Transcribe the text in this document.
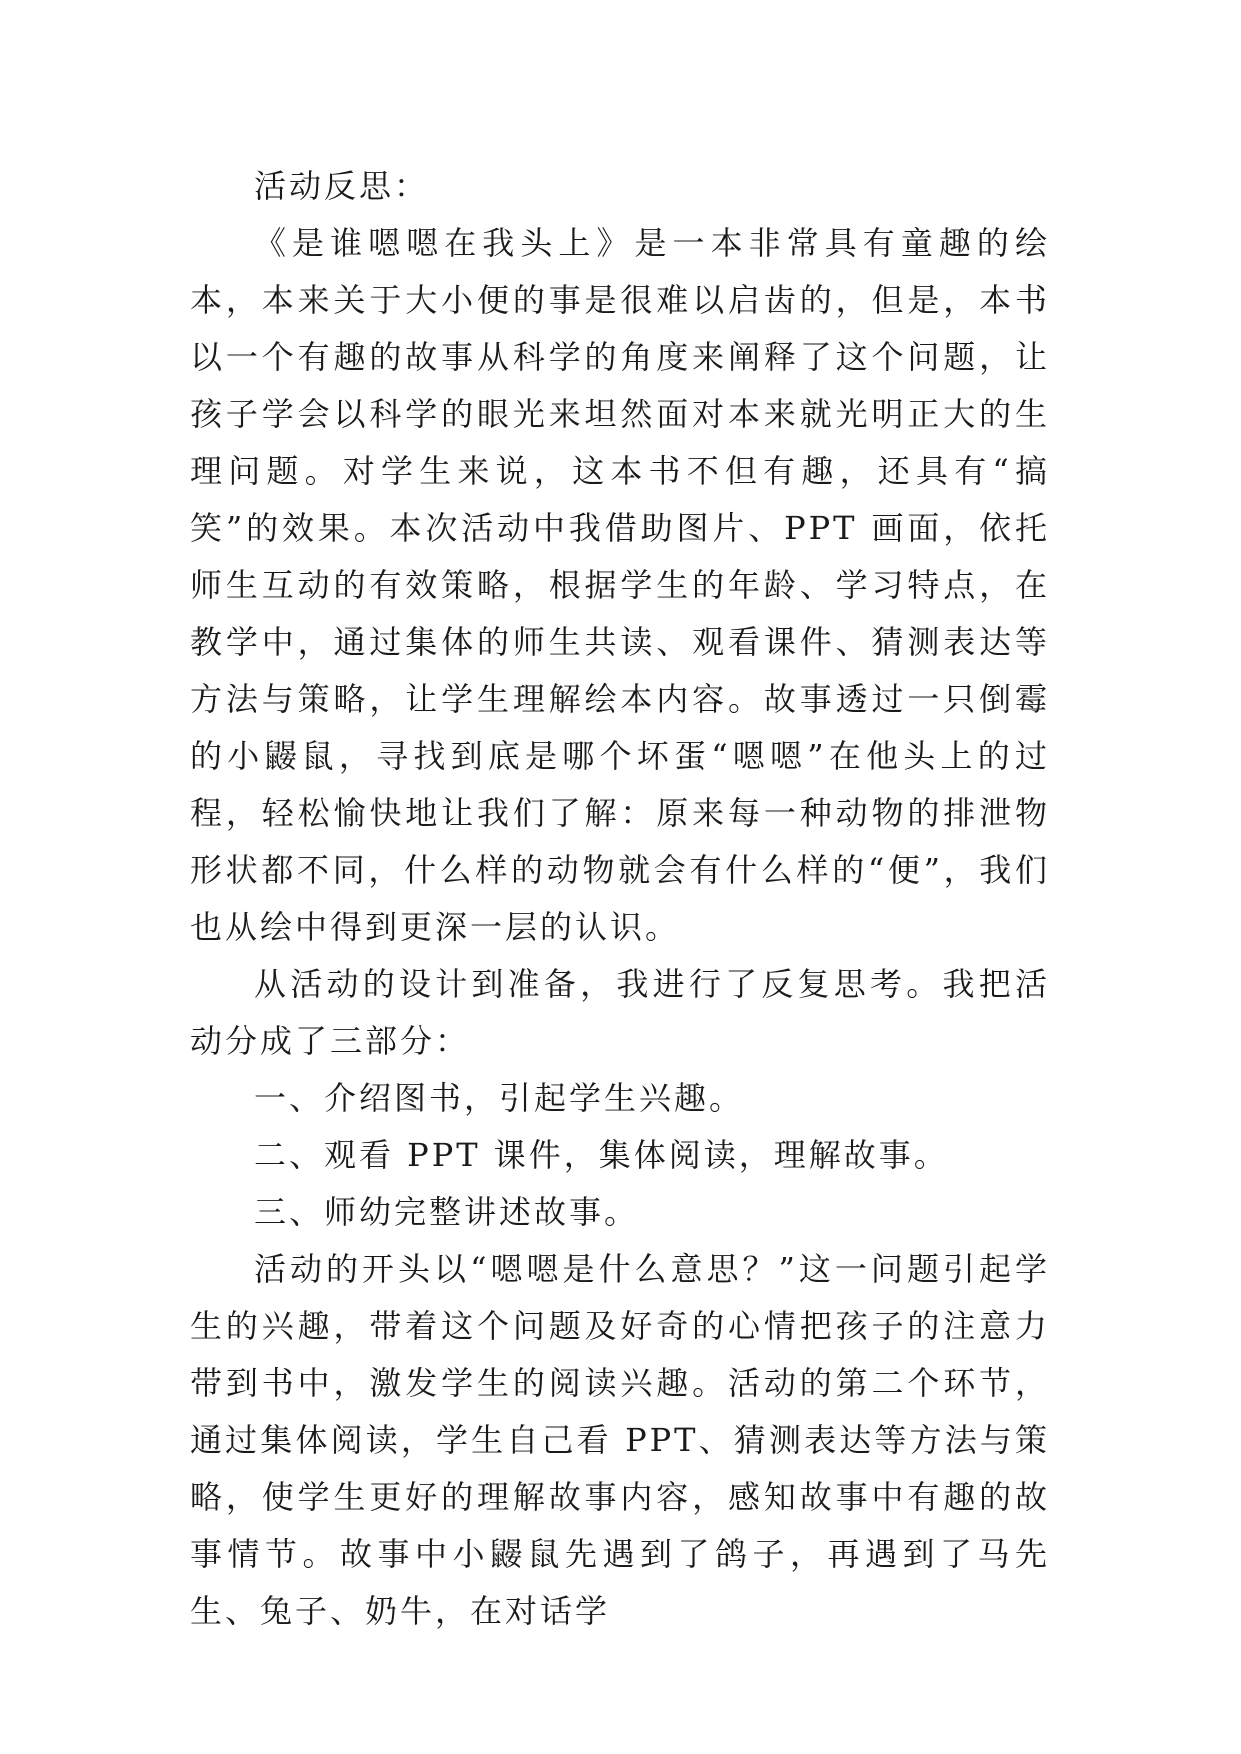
活动反思：

《是谁嗯嗯在我头上》是一本非常具有童趣的绘本，本来关于大小便的事是很难以启齿的，但是，本书以一个有趣的故事从科学的角度来阐释了这个问题，让孩子学会以科学的眼光来坦然面对本来就光明正大的生理问题。对学生来说，这本书不但有趣，还具有“搞笑”的效果。本次活动中我借助图片、PPT 画面，依托师生互动的有效策略，根据学生的年龄、学习特点，在教学中，通过集体的师生共读、观看课件、猜测表达等方法与策略，让学生理解绘本内容。故事透过一只倒霉的小鼹鼠，寻找到底是哪个坏蛋“嗯嗯”在他头上的过程，轻松愉快地让我们了解：原来每一种动物的排泄物形状都不同，什么样的动物就会有什么样的“便”，我们也从绘中得到更深一层的认识。

从活动的设计到准备，我进行了反复思考。我把活动分成了三部分：

一、介绍图书，引起学生兴趣。

二、观看 PPT 课件，集体阅读，理解故事。

三、师幼完整讲述故事。

活动的开头以“嗯嗯是什么意思？”这一问题引起学生的兴趣，带着这个问题及好奇的心情把孩子的注意力带到书中，激发学生的阅读兴趣。活动的第二个环节，通过集体阅读，学生自己看 PPT、猜测表达等方法与策略，使学生更好的理解故事内容，感知故事中有趣的故事情节。故事中小鼹鼠先遇到了鸽子，再遇到了马先生、兔子、奶牛，在对话学
